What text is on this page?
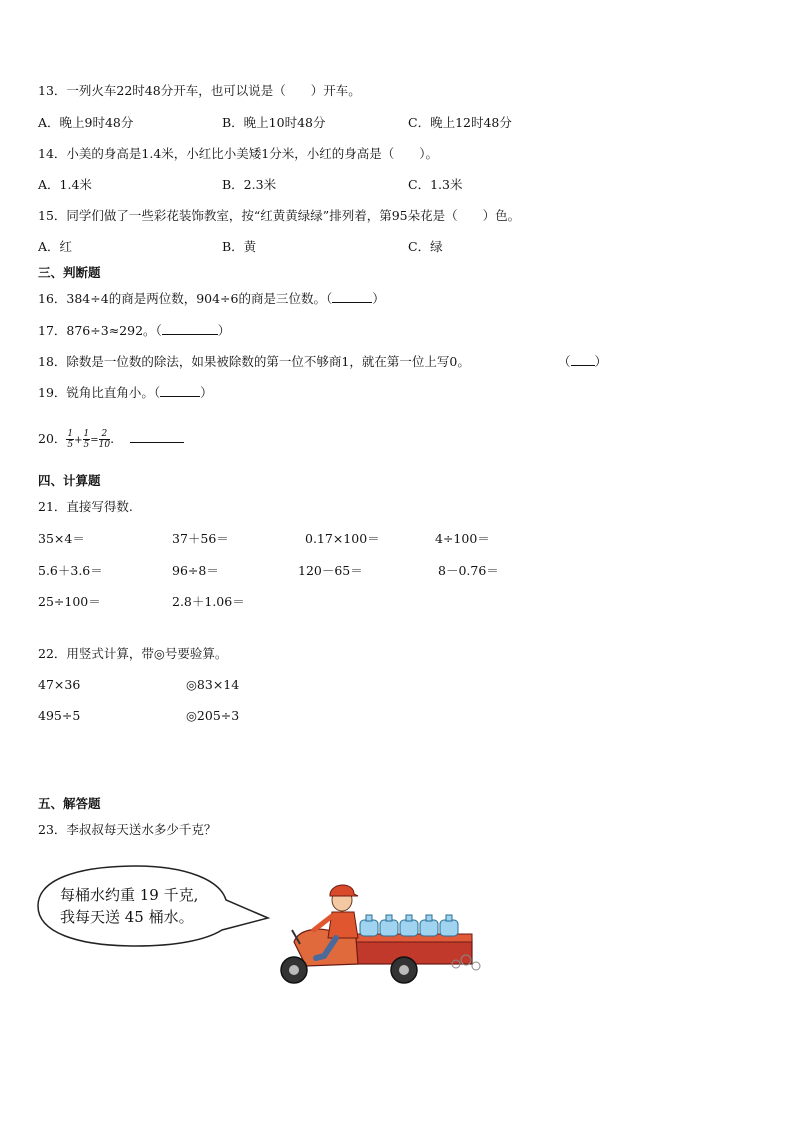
13．一列火车22时48分开车，也可以说是（　　）开车。
A．晚上9时48分	B．晚上10时48分	C．晚上12时48分
14．小美的身高是1.4米，小红比小美矮1分米，小红的身高是（　　）。
A．1.4米	B．2.3米	C．1.3米
15．同学们做了一些彩花装饰教室，按“红黄黄绿绿”排列着，第95朵花是（　　）色。
A．红	B．黄	C．绿
三、判断题
16．384÷4的商是两位数，904÷6的商是三位数。（	）
17．876÷3≈292。（	）
18．除数是一位数的除法，如果被除数的第一位不够商1，就在第一位上写0。	（ ）
19．锐角比直角小。（	）
20． $\frac{1}{5} + \frac{1}{5} = \frac{2}{10}$ .
四、计算题
21．直接写得数.
35×4＝	37＋56＝	0.17×100＝	4÷100＝
5.6＋3.6＝	96÷8＝	120－65＝	8－0.76＝
25÷100＝	2.8＋1.06＝
22．用竖式计算，带◎号要验算。
47×36	◎83×14
495÷5	◎205÷3
五、解答题
23．李叔叔每天送水多少千克？
每桶水约重 19 千克,
我每天送 45 桶水。
